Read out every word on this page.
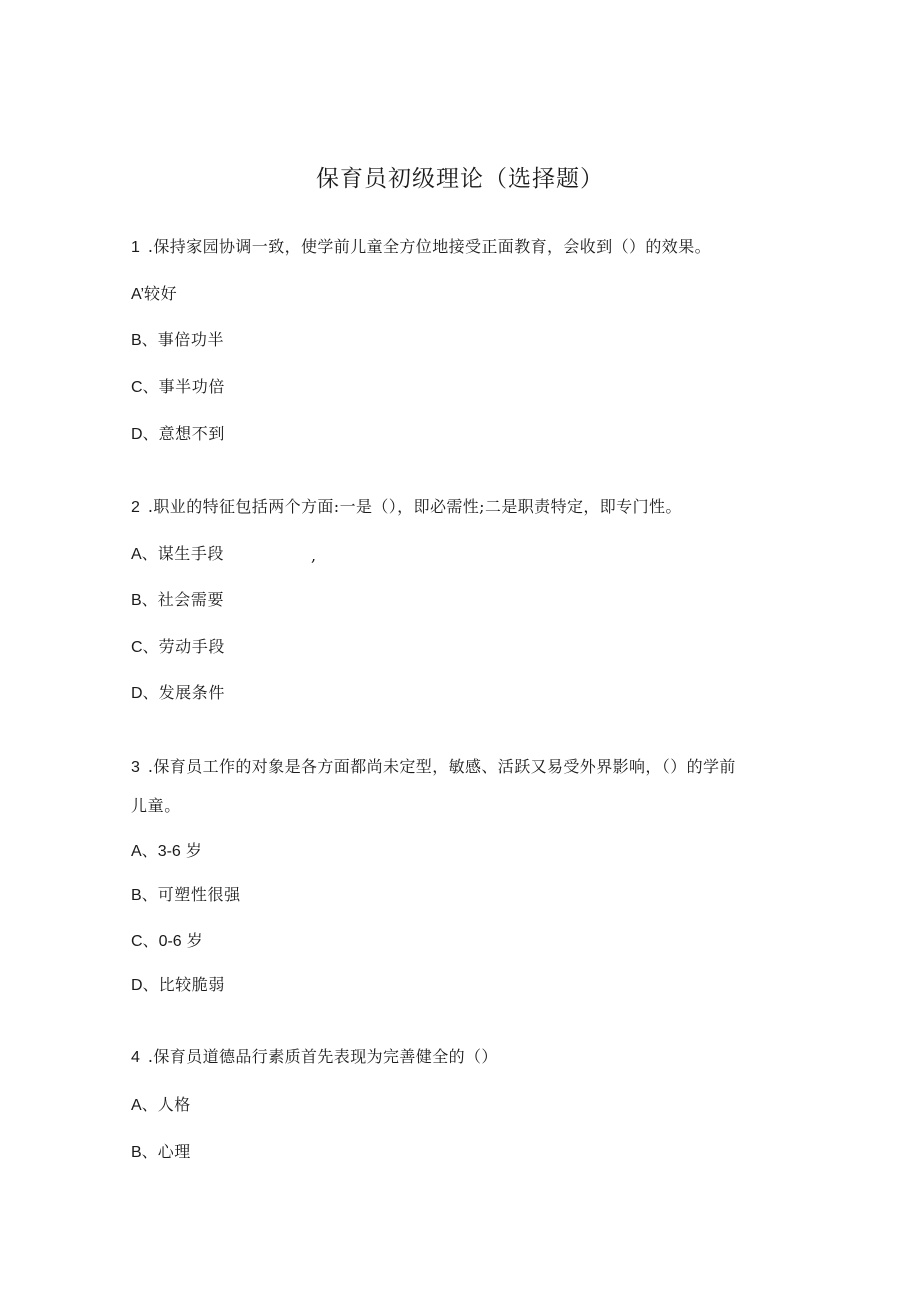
保育员初级理论（选择题）
1 .保持家园协调一致，使学前儿童全方位地接受正面教育，会收到（）的效果。
A’较好
B、事倍功半
C、事半功倍
D、意想不到
2 .职业的特征包括两个方面:一是（），即必需性;二是职责特定，即专门性。
A、谋生手段	,
B、社会需要
C、劳动手段
D、发展条件
3 .保育员工作的对象是各方面都尚未定型，敏感、活跃又易受外界影响，（）的学前
儿童。
A、3-6 岁
B、可塑性很强
C、0-6 岁
D、比较脆弱
4 .保育员道德品行素质首先表现为完善健全的（）
A、人格
B、心理
